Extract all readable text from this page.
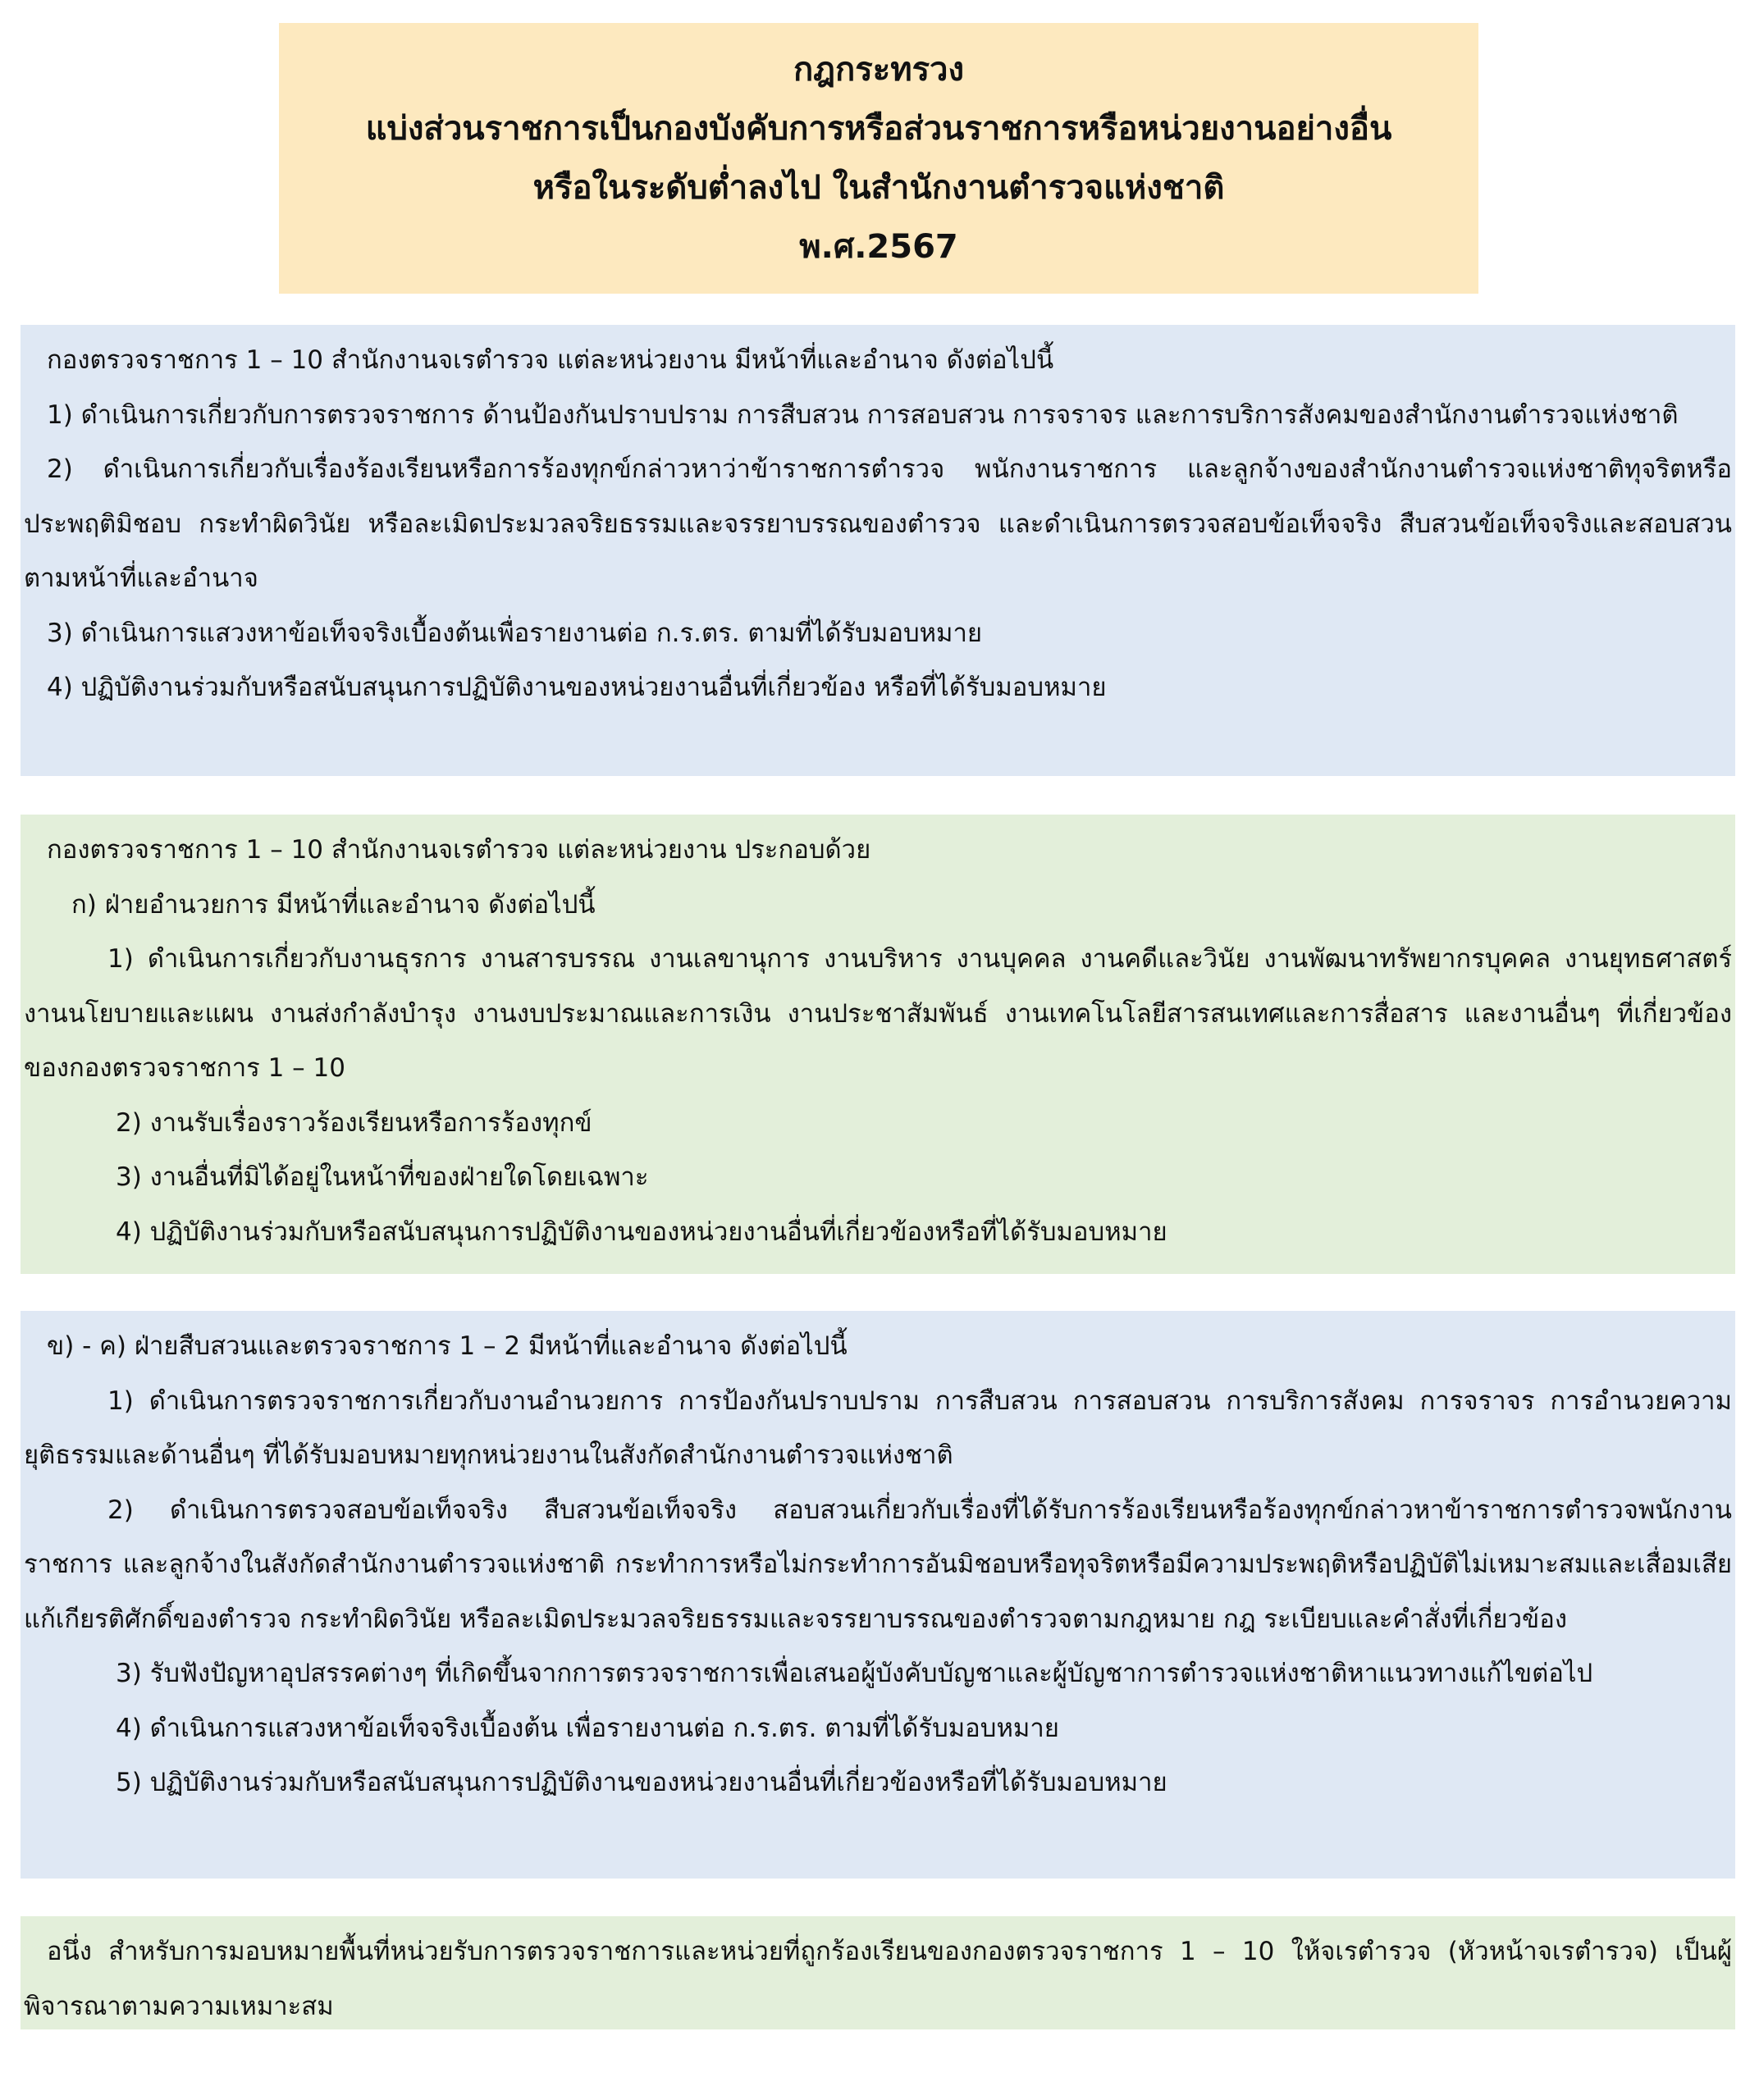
กฎกระทรวง
แบ่งส่วนราชการเป็นกองบังคับการหรือส่วนราชการหรือหน่วยงานอย่างอื่น
หรือในระดับต่ำลงไป ในสำนักงานตำรวจแห่งชาติ
พ.ศ.2567

กองตรวจราชการ 1 – 10 สำนักงานจเรตำรวจ แต่ละหน่วยงาน มีหน้าที่และอำนาจ ดังต่อไปนี้

1) ดำเนินการเกี่ยวกับการตรวจราชการ ด้านป้องกันปราบปราม การสืบสวน การสอบสวน การจราจร และการบริการสังคมของสำนักงานตำรวจแห่งชาติ

2) ดำเนินการเกี่ยวกับเรื่องร้องเรียนหรือการร้องทุกข์กล่าวหาว่าข้าราชการตำรวจ พนักงานราชการ และลูกจ้างของสำนักงานตำรวจแห่งชาติทุจริตหรือประพฤติมิชอบ กระทำผิดวินัย หรือละเมิดประมวลจริยธรรมและจรรยาบรรณของตำรวจ และดำเนินการตรวจสอบข้อเท็จจริง สืบสวนข้อเท็จจริงและสอบสวนตามหน้าที่และอำนาจ

3) ดำเนินการแสวงหาข้อเท็จจริงเบื้องต้นเพื่อรายงานต่อ ก.ร.ตร. ตามที่ได้รับมอบหมาย

4) ปฏิบัติงานร่วมกับหรือสนับสนุนการปฏิบัติงานของหน่วยงานอื่นที่เกี่ยวข้อง หรือที่ได้รับมอบหมาย

กองตรวจราชการ 1 – 10 สำนักงานจเรตำรวจ แต่ละหน่วยงาน ประกอบด้วย

ก) ฝ่ายอำนวยการ มีหน้าที่และอำนาจ ดังต่อไปนี้

1) ดำเนินการเกี่ยวกับงานธุรการ งานสารบรรณ งานเลขานุการ งานบริหาร งานบุคคล งานคดีและวินัย งานพัฒนาทรัพยากรบุคคล งานยุทธศาสตร์ งานนโยบายและแผน งานส่งกำลังบำรุง งานงบประมาณและการเงิน งานประชาสัมพันธ์ งานเทคโนโลยีสารสนเทศและการสื่อสาร และงานอื่นๆ ที่เกี่ยวข้องของกองตรวจราชการ 1 – 10

2) งานรับเรื่องราวร้องเรียนหรือการร้องทุกข์

3) งานอื่นที่มิได้อยู่ในหน้าที่ของฝ่ายใดโดยเฉพาะ

4) ปฏิบัติงานร่วมกับหรือสนับสนุนการปฏิบัติงานของหน่วยงานอื่นที่เกี่ยวข้องหรือที่ได้รับมอบหมาย

ข) - ค) ฝ่ายสืบสวนและตรวจราชการ 1 – 2 มีหน้าที่และอำนาจ ดังต่อไปนี้

1) ดำเนินการตรวจราชการเกี่ยวกับงานอำนวยการ การป้องกันปราบปราม การสืบสวน การสอบสวน การบริการสังคม การจราจร การอำนวยความยุติธรรมและด้านอื่นๆ ที่ได้รับมอบหมายทุกหน่วยงานในสังกัดสำนักงานตำรวจแห่งชาติ

2) ดำเนินการตรวจสอบข้อเท็จจริง สืบสวนข้อเท็จจริง สอบสวนเกี่ยวกับเรื่องที่ได้รับการร้องเรียนหรือร้องทุกข์กล่าวหาข้าราชการตำรวจพนักงานราชการ และลูกจ้างในสังกัดสำนักงานตำรวจแห่งชาติ กระทำการหรือไม่กระทำการอันมิชอบหรือทุจริตหรือมีความประพฤติหรือปฏิบัติไม่เหมาะสมและเสื่อมเสียแก้เกียรติศักดิ์ของตำรวจ กระทำผิดวินัย หรือละเมิดประมวลจริยธรรมและจรรยาบรรณของตำรวจตามกฎหมาย กฎ ระเบียบและคำสั่งที่เกี่ยวข้อง

3) รับฟังปัญหาอุปสรรคต่างๆ ที่เกิดขึ้นจากการตรวจราชการเพื่อเสนอผู้บังคับบัญชาและผู้บัญชาการตำรวจแห่งชาติหาแนวทางแก้ไขต่อไป

4) ดำเนินการแสวงหาข้อเท็จจริงเบื้องต้น เพื่อรายงานต่อ ก.ร.ตร. ตามที่ได้รับมอบหมาย

5) ปฏิบัติงานร่วมกับหรือสนับสนุนการปฏิบัติงานของหน่วยงานอื่นที่เกี่ยวข้องหรือที่ได้รับมอบหมาย

อนึ่ง สำหรับการมอบหมายพื้นที่หน่วยรับการตรวจราชการและหน่วยที่ถูกร้องเรียนของกองตรวจราชการ 1 – 10 ให้จเรตำรวจ (หัวหน้าจเรตำรวจ) เป็นผู้พิจารณาตามความเหมาะสม
